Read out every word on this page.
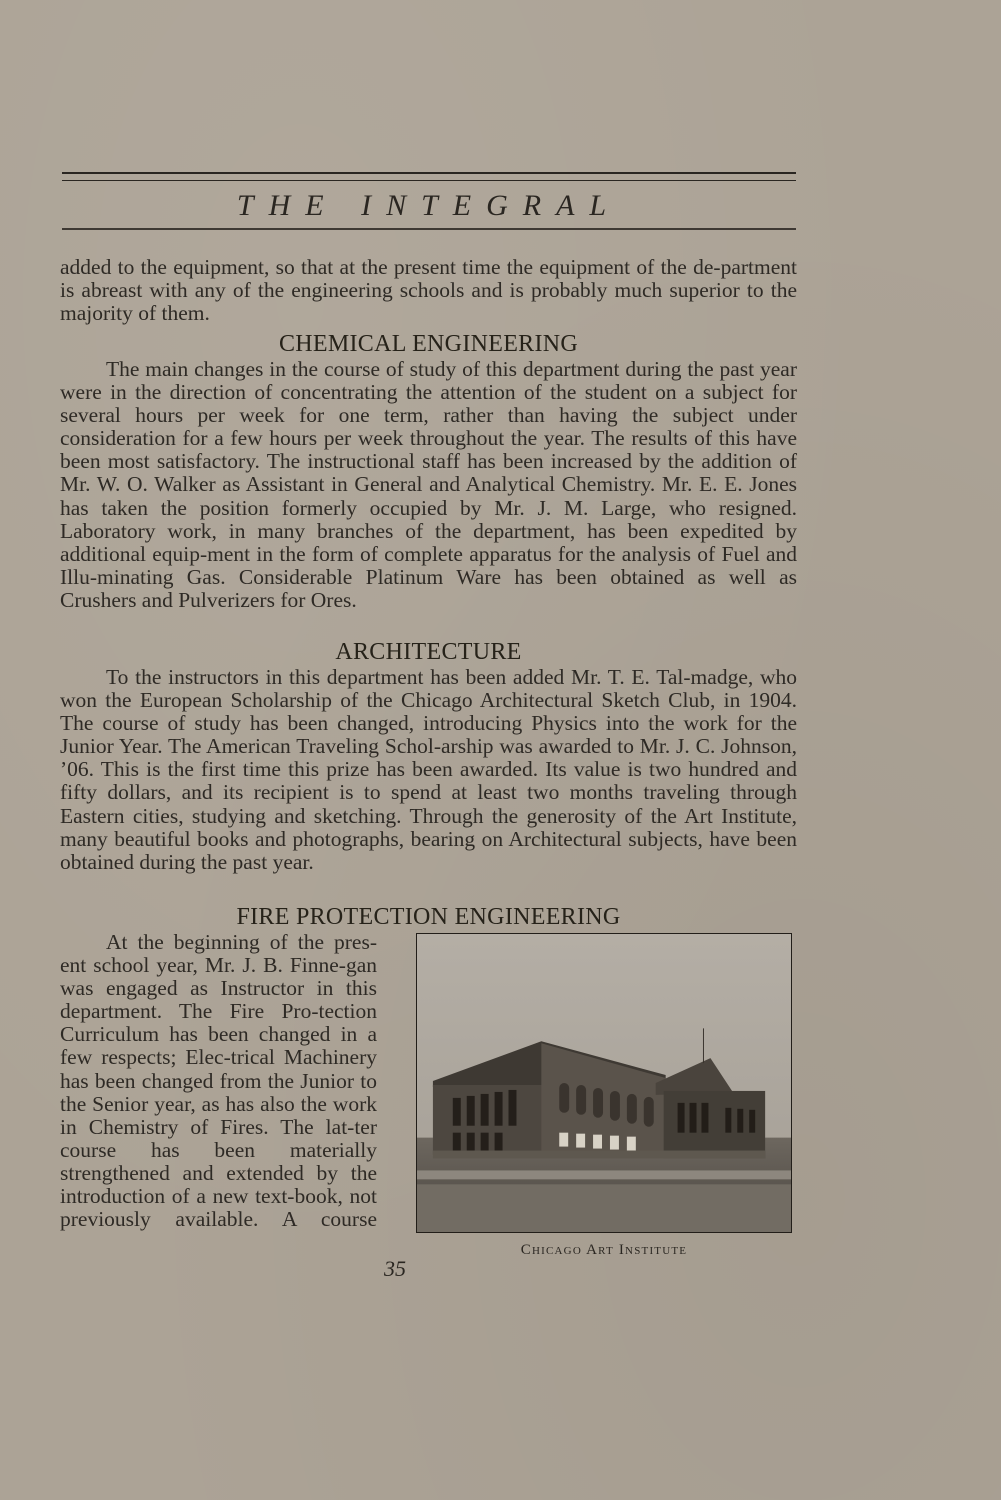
THE INTEGRAL

added to the equipment, so that at the present time the equipment of the de-partment is abreast with any of the engineering schools and is probably much superior to the majority of them.

CHEMICAL ENGINEERING

The main changes in the course of study of this department during the past year were in the direction of concentrating the attention of the student on a subject for several hours per week for one term, rather than having the subject under consideration for a few hours per week throughout the year. The results of this have been most satisfactory. The instructional staff has been increased by the addition of Mr. W. O. Walker as Assistant in General and Analytical Chemistry. Mr. E. E. Jones has taken the position formerly occupied by Mr. J. M. Large, who resigned. Laboratory work, in many branches of the department, has been expedited by additional equip-ment in the form of complete apparatus for the analysis of Fuel and Illu-minating Gas. Considerable Platinum Ware has been obtained as well as Crushers and Pulverizers for Ores.

ARCHITECTURE

To the instructors in this department has been added Mr. T. E. Tal-madge, who won the European Scholarship of the Chicago Architectural Sketch Club, in 1904. The course of study has been changed, introducing Physics into the work for the Junior Year. The American Traveling Schol-arship was awarded to Mr. J. C. Johnson, ’06. This is the first time this prize has been awarded. Its value is two hundred and fifty dollars, and its recipient is to spend at least two months traveling through Eastern cities, studying and sketching. Through the generosity of the Art Institute, many beautiful books and photographs, bearing on Architectural subjects, have been obtained during the past year.

FIRE PROTECTION ENGINEERING

At the beginning of the pres-ent school year, Mr. J. B. Finne-gan was engaged as Instructor in this department. The Fire Pro-tection Curriculum has been changed in a few respects; Elec-trical Machinery has been changed from the Junior to the Senior year, as has also the work in Chemistry of Fires. The lat-ter course has been materially strengthened and extended by the introduction of a new text-book, not previously available. A course

Chicago Art Institute
35
